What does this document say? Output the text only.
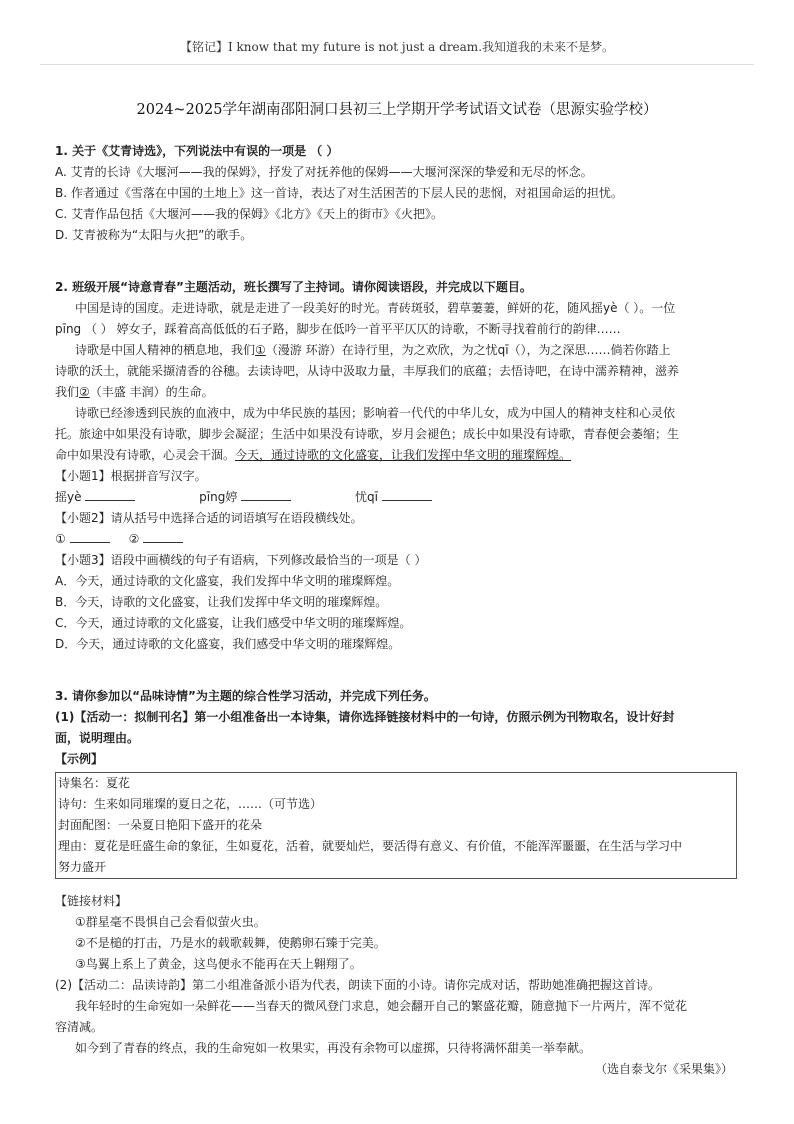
【铭记】I know that my future is not just a dream.我知道我的未来不是梦。
2024~2025学年湖南邵阳洞口县初三上学期开学考试语文试卷（思源实验学校）
1. 关于《艾青诗选》，下列说法中有误的一项是 （ ）
A. 艾青的长诗《大堰河——我的保姆》，抒发了对抚养他的保姆——大堰河深深的挚爱和无尽的怀念。
B. 作者通过《雪落在中国的土地上》这一首诗，表达了对生活困苦的下层人民的悲悯，对祖国命运的担忧。
C. 艾青作品包括《大堰河——我的保姆》《北方》《天上的街市》《火把》。
D. 艾青被称为“太阳与火把”的歌手。
2. 班级开展“诗意青春”主题活动，班长撰写了主持词。请你阅读语段，并完成以下题目。
中国是诗的国度。走进诗歌，就是走进了一段美好的时光。青砖斑驳，碧草萋萋，鲜妍的花，随风摇yè（ ）。一位
pīng （ ） 婷女子，踩着高高低低的石子路，脚步在低吟一首平平仄仄的诗歌，不断寻找着前行的韵律……
诗歌是中国人精神的栖息地，我们①（漫游 环游）在诗行里，为之欢欣，为之忧qī（），为之深思……倘若你踏上
诗歌的沃土，就能采撷清香的谷穗。去读诗吧，从诗中汲取力量，丰厚我们的底蕴；去悟诗吧，在诗中濡养精神，滋养
我们②（丰盛 丰润）的生命。
诗歌已经渗透到民族的血液中，成为中华民族的基因；影响着一代代的中华儿女，成为中国人的精神支柱和心灵依
托。旅途中如果没有诗歌，脚步会凝涩；生活中如果没有诗歌，岁月会褪色；成长中如果没有诗歌，青春便会萎缩；生
命中如果没有诗歌，心灵会干涸。今天，通过诗歌的文化盛宴，让我们发挥中华文明的璀璨辉煌。
【小题1】根据拼音写汉字。
摇yè	pīng婷	忧qī
【小题2】请从括号中选择合适的词语填写在语段横线处。
①	②
【小题3】语段中画横线的句子有语病，下列修改最恰当的一项是（ ）
A．今天，通过诗歌的文化盛宴，我们发挥中华文明的璀璨辉煌。
B．今天，诗歌的文化盛宴，让我们发挥中华文明的璀璨辉煌。
C．今天，通过诗歌的文化盛宴，让我们感受中华文明的璀璨辉煌。
D．今天，通过诗歌的文化盛宴，我们感受中华文明的璀璨辉煌。
3. 请你参加以“品味诗情”为主题的综合性学习活动，并完成下列任务。
(1)【活动一：拟制刊名】第一小组准备出一本诗集，请你选择链接材料中的一句诗，仿照示例为刊物取名，设计好封
面，说明理由。
【示例】
诗集名：夏花
诗句：生来如同璀璨的夏日之花，……（可节选）
封面配图：一朵夏日艳阳下盛开的花朵
理由：夏花是旺盛生命的象征，生如夏花，活着，就要灿烂，要活得有意义、有价值，不能浑浑噩噩，在生活与学习中
努力盛开
【链接材料】
①群星毫不畏惧自己会看似萤火虫。
②不是槌的打击，乃是水的载歌载舞，使鹅卵石臻于完美。
③鸟翼上系上了黄金，这鸟便永不能再在天上翱翔了。
(2)【活动二：品读诗韵】第二小组准备派小语为代表，朗读下面的小诗。请你完成对话，帮助她准确把握这首诗。
我年轻时的生命宛如一朵鲜花——当春天的微风登门求息，她会翻开自己的繁盛花瓣，随意抛下一片两片，浑不觉花
容清减。
如今到了青春的终点，我的生命宛如一枚果实，再没有余物可以虚掷，只待将满怀甜美一举奉献。
（选自泰戈尔《采果集》）
